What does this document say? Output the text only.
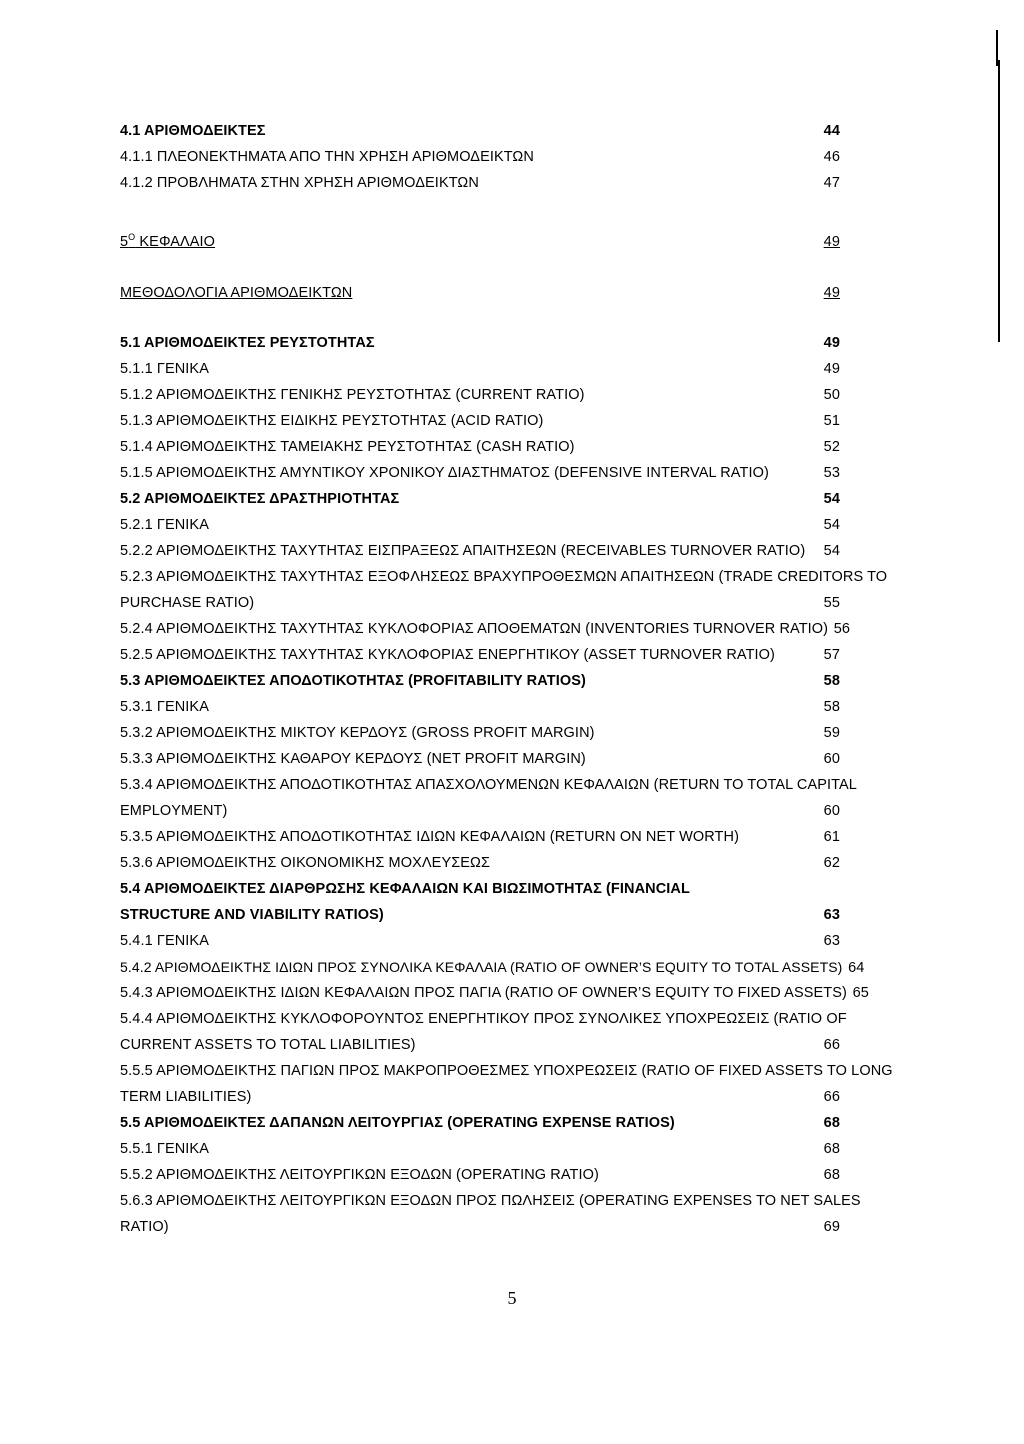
4.1 ΑΡΙΘΜΟΔΕΙΚΤΕΣ	44
4.1.1 ΠΛΕΟΝΕΚΤΗΜΑΤΑ ΑΠΟ ΤΗΝ ΧΡΗΣΗ ΑΡΙΘΜΟΔΕΙΚΤΩΝ	46
4.1.2 ΠΡΟΒΛΗΜΑΤΑ ΣΤΗΝ ΧΡΗΣΗ ΑΡΙΘΜΟΔΕΙΚΤΩΝ	47
$5^O$ ΚΕΦΑΛΑΙΟ	49
ΜΕΘΟΔΟΛΟΓΙΑ ΑΡΙΘΜΟΔΕΙΚΤΩΝ	49
5.1 ΑΡΙΘΜΟΔΕΙΚΤΕΣ ΡΕΥΣΤΟΤΗΤΑΣ	49
5.1.1 ΓΕΝΙΚΑ	49
5.1.2 ΑΡΙΘΜΟΔΕΙΚΤΗΣ ΓΕΝΙΚΗΣ ΡΕΥΣΤΟΤΗΤΑΣ (CURRENT RATIO)	50
5.1.3 ΑΡΙΘΜΟΔΕΙΚΤΗΣ ΕΙΔΙΚΗΣ ΡΕΥΣΤΟΤΗΤΑΣ (ACID RATIO)	51
5.1.4 ΑΡΙΘΜΟΔΕΙΚΤΗΣ ΤΑΜΕΙΑΚΗΣ ΡΕΥΣΤΟΤΗΤΑΣ (CASH RATIO)	52
5.1.5 ΑΡΙΘΜΟΔΕΙΚΤΗΣ ΑΜΥΝΤΙΚΟΥ ΧΡΟΝΙΚΟΥ ΔΙΑΣΤΗΜΑΤΟΣ (DEFENSIVE INTERVAL RATIO)	53
5.2 ΑΡΙΘΜΟΔΕΙΚΤΕΣ ΔΡΑΣΤΗΡΙΟΤΗΤΑΣ	54
5.2.1 ΓΕΝΙΚΑ	54
5.2.2 ΑΡΙΘΜΟΔΕΙΚΤΗΣ ΤΑΧΥΤΗΤΑΣ ΕΙΣΠΡΑΞΕΩΣ ΑΠΑΙΤΗΣΕΩΝ (RECEIVABLES TURNOVER RATIO)	54
5.2.3 ΑΡΙΘΜΟΔΕΙΚΤΗΣ ΤΑΧΥΤΗΤΑΣ ΕΞΟΦΛΗΣΕΩΣ ΒΡΑΧΥΠΡΟΘΕΣΜΩΝ ΑΠΑΙΤΗΣΕΩΝ (TRADE CREDITORS TO
PURCHASE RATIO)	55
5.2.4 ΑΡΙΘΜΟΔΕΙΚΤΗΣ ΤΑΧΥΤΗΤΑΣ ΚΥΚΛΟΦΟΡΙΑΣ ΑΠΟΘΕΜΑΤΩΝ (INVENTORIES TURNOVER RATIO) 56
5.2.5 ΑΡΙΘΜΟΔΕΙΚΤΗΣ ΤΑΧΥΤΗΤΑΣ ΚΥΚΛΟΦΟΡΙΑΣ ΕΝΕΡΓΗΤΙΚΟΥ (ASSET TURNOVER RATIO)	57
5.3 ΑΡΙΘΜΟΔΕΙΚΤΕΣ ΑΠΟΔΟΤΙΚΟΤΗΤΑΣ (PROFITABILITY RATIOS)	58
5.3.1 ΓΕΝΙΚΑ	58
5.3.2 ΑΡΙΘΜΟΔΕΙΚΤΗΣ ΜΙΚΤΟΥ ΚΕΡΔΟΥΣ (GROSS PROFIT MARGIN)	59
5.3.3 ΑΡΙΘΜΟΔΕΙΚΤΗΣ ΚΑΘΑΡΟΥ ΚΕΡΔΟΥΣ (NET PROFIT MARGIN)	60
5.3.4 ΑΡΙΘΜΟΔΕΙΚΤΗΣ ΑΠΟΔΟΤΙΚΟΤΗΤΑΣ ΑΠΑΣΧΟΛΟΥΜΕΝΩΝ ΚΕΦΑΛΑΙΩΝ (RETURN TO TOTAL CAPITAL
EMPLOYMENT)	60
5.3.5 ΑΡΙΘΜΟΔΕΙΚΤΗΣ ΑΠΟΔΟΤΙΚΟΤΗΤΑΣ ΙΔΙΩΝ ΚΕΦΑΛΑΙΩΝ (RETURN ON NET WORTH)	61
5.3.6 ΑΡΙΘΜΟΔΕΙΚΤΗΣ ΟΙΚΟΝΟΜΙΚΗΣ ΜΟΧΛΕΥΣΕΩΣ	62
5.4 ΑΡΙΘΜΟΔΕΙΚΤΕΣ ΔΙΑΡΘΡΩΣΗΣ ΚΕΦΑΛΑΙΩΝ ΚΑΙ ΒΙΩΣΙΜΟΤΗΤΑΣ (FINANCIAL
STRUCTURE AND VIABILITY RATIOS)	63
5.4.1 ΓΕΝΙΚΑ	63
5.4.2 ΑΡΙΘΜΟΔΕΙΚΤΗΣ ΙΔΙΩΝ ΠΡΟΣ ΣΥΝΟΛΙΚΑ ΚΕΦΑΛΑΙΑ (RATIO OF OWNER’S EQUITY TO TOTAL ASSETS) 64
5.4.3 ΑΡΙΘΜΟΔΕΙΚΤΗΣ ΙΔΙΩΝ ΚΕΦΑΛΑΙΩΝ ΠΡΟΣ ΠΑΓΙΑ (RATIO OF OWNER’S EQUITY TO FIXED ASSETS) 65
5.4.4 ΑΡΙΘΜΟΔΕΙΚΤΗΣ ΚΥΚΛΟΦΟΡΟΥΝΤΟΣ ΕΝΕΡΓΗΤΙΚΟΥ ΠΡΟΣ ΣΥΝΟΛΙΚΕΣ ΥΠΟΧΡΕΩΣΕΙΣ (RATIO OF
CURRENT ASSETS TO TOTAL LIABILITIES)	66
5.5.5 ΑΡΙΘΜΟΔΕΙΚΤΗΣ ΠΑΓΙΩΝ ΠΡΟΣ ΜΑΚΡΟΠΡΟΘΕΣΜΕΣ ΥΠΟΧΡΕΩΣΕΙΣ (RATIO OF FIXED ASSETS TO LONG
TERM LIABILITIES)	66
5.5 ΑΡΙΘΜΟΔΕΙΚΤΕΣ ΔΑΠΑΝΩΝ ΛΕΙΤΟΥΡΓΙΑΣ (OPERATING EXPENSE RATIOS)	68
5.5.1 ΓΕΝΙΚΑ	68
5.5.2 ΑΡΙΘΜΟΔΕΙΚΤΗΣ ΛΕΙΤΟΥΡΓΙΚΩΝ ΕΞΟΔΩΝ (OPERATING RATIO)	68
5.6.3 ΑΡΙΘΜΟΔΕΙΚΤΗΣ ΛΕΙΤΟΥΡΓΙΚΩΝ ΕΞΟΔΩΝ ΠΡΟΣ ΠΩΛΗΣΕΙΣ (OPERATING EXPENSES TO NET SALES
RATIO)	69
5
